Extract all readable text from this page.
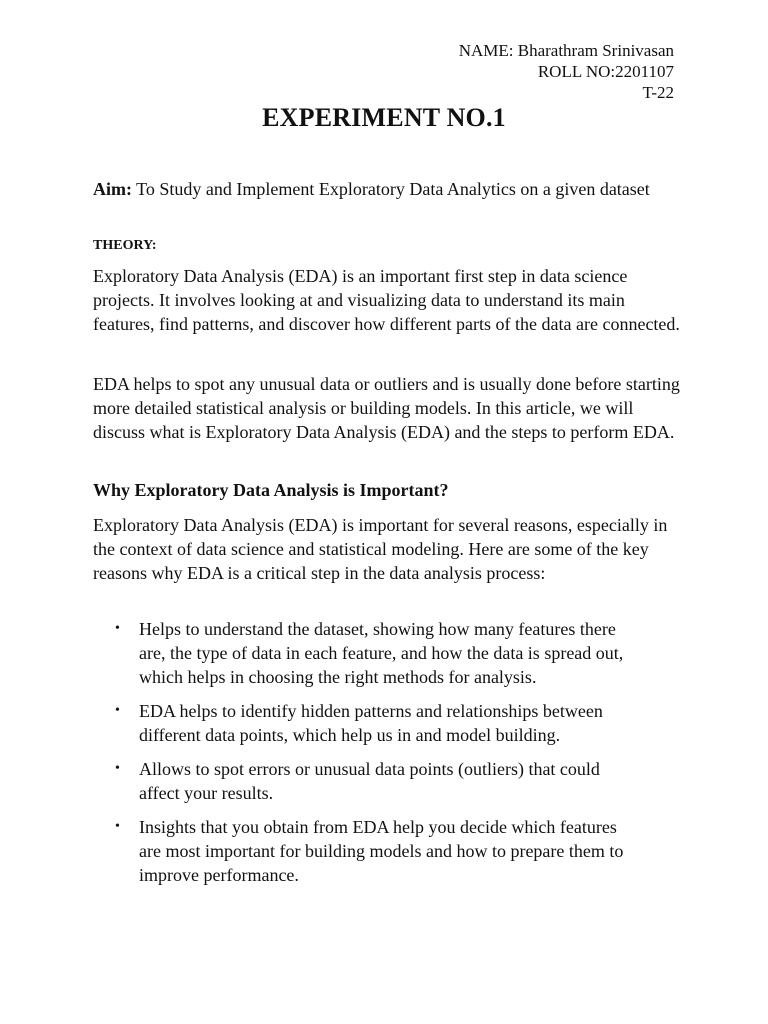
NAME: Bharathram Srinivasan
ROLL NO:2201107
T-22
EXPERIMENT NO.1
Aim: To Study and Implement Exploratory Data Analytics on a given dataset
THEORY:
Exploratory Data Analysis (EDA) is an important first step in data science projects. It involves looking at and visualizing data to understand its main features, find patterns, and discover how different parts of the data are connected.
EDA helps to spot any unusual data or outliers and is usually done before starting more detailed statistical analysis or building models. In this article, we will discuss what is Exploratory Data Analysis (EDA) and the steps to perform EDA.
Why Exploratory Data Analysis is Important?
Exploratory Data Analysis (EDA) is important for several reasons, especially in the context of data science and statistical modeling. Here are some of the key reasons why EDA is a critical step in the data analysis process:
• Helps to understand the dataset, showing how many features there are, the type of data in each feature, and how the data is spread out, which helps in choosing the right methods for analysis.
• EDA helps to identify hidden patterns and relationships between different data points, which help us in and model building.
• Allows to spot errors or unusual data points (outliers) that could affect your results.
• Insights that you obtain from EDA help you decide which features are most important for building models and how to prepare them to improve performance.
